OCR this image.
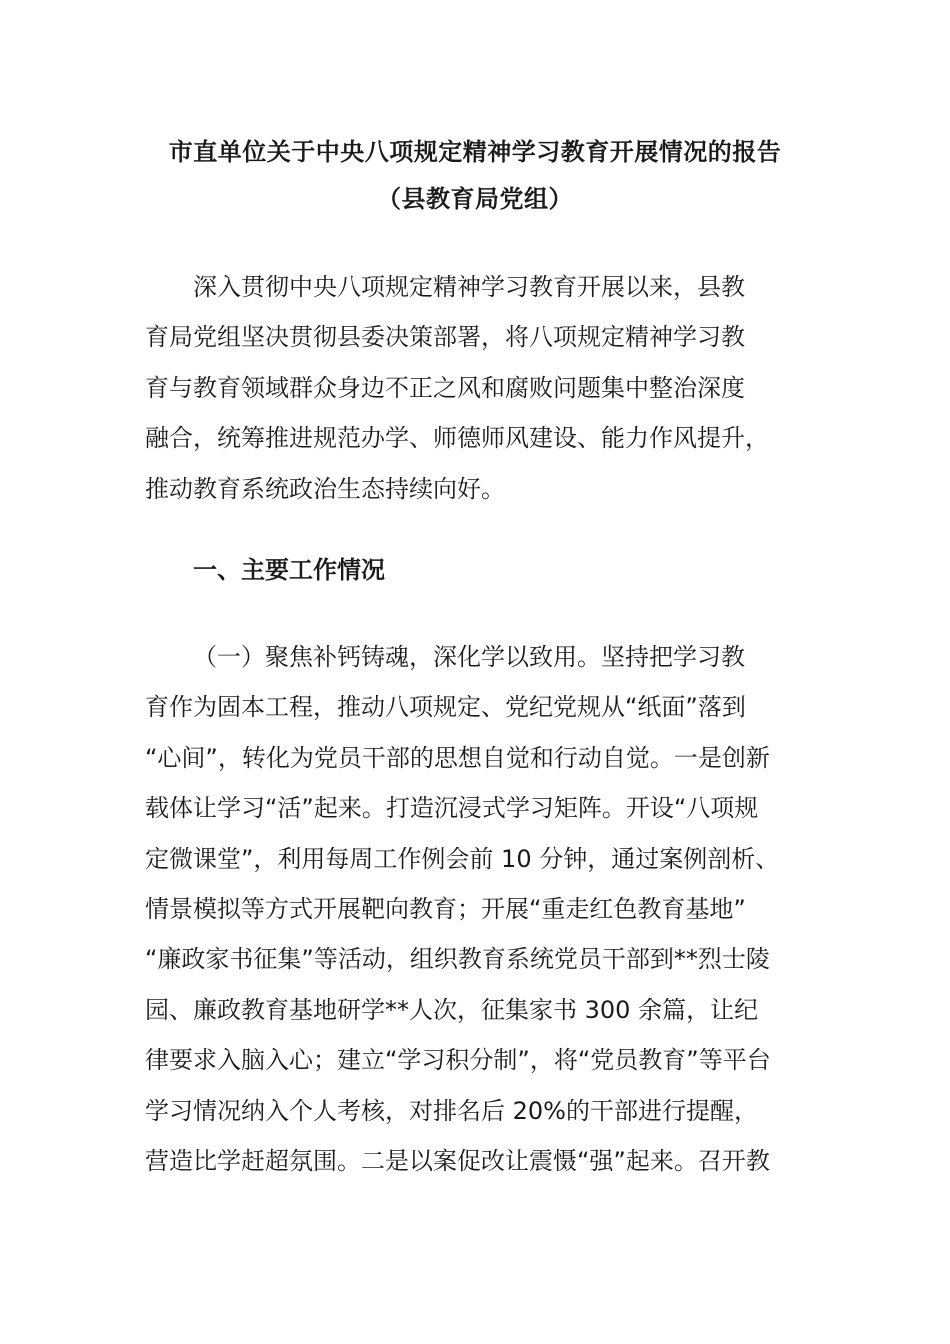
市直单位关于中央八项规定精神学习教育开展情况的报告
（县教育局党组）

深入贯彻中央八项规定精神学习教育开展以来，县教
育局党组坚决贯彻县委决策部署，将八项规定精神学习教
育与教育领域群众身边不正之风和腐败问题集中整治深度
融合，统筹推进规范办学、师德师风建设、能力作风提升，
推动教育系统政治生态持续向好。

一、主要工作情况

（一）聚焦补钙铸魂，深化学以致用。坚持把学习教
育作为固本工程，推动八项规定、党纪党规从“纸面”落到
“心间”，转化为党员干部的思想自觉和行动自觉。一是创新
载体让学习“活”起来。打造沉浸式学习矩阵。开设“八项规
定微课堂”，利用每周工作例会前 10 分钟，通过案例剖析、
情景模拟等方式开展靶向教育；开展“重走红色教育基地”
“廉政家书征集”等活动，组织教育系统党员干部到**烈士陵
园、廉政教育基地研学**人次，征集家书 300 余篇，让纪
律要求入脑入心；建立“学习积分制”，将“党员教育”等平台
学习情况纳入个人考核，对排名后 20%的干部进行提醒，
营造比学赶超氛围。二是以案促改让震慑“强”起来。召开教
